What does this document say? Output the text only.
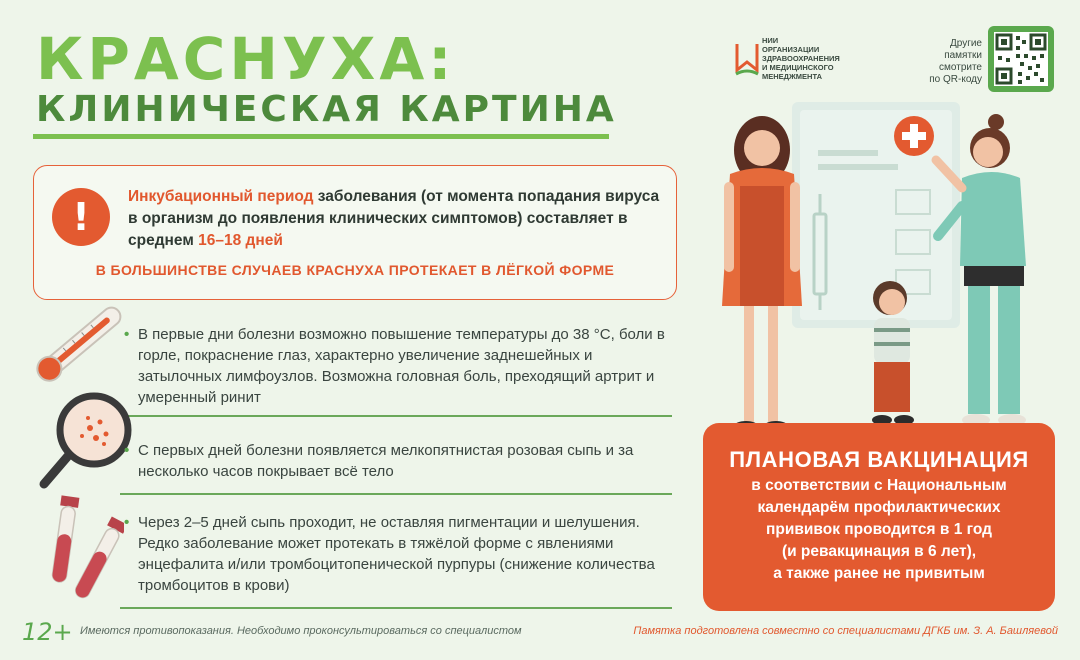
КРАСНУХА:
КЛИНИЧЕСКАЯ КАРТИНА
НИИ
ОРГАНИЗАЦИИ
ЗДРАВООХРАНЕНИЯ
И МЕДИЦИНСКОГО
МЕНЕДЖМЕНТА
Другие
памятки
смотрите
по QR-коду
!	Инкубационный период заболевания (от момента попадания вируса в организм до появления клинических симптомов) составляет в среднем 16–18 дней
В БОЛЬШИНСТВЕ СЛУЧАЕВ КРАСНУХА ПРОТЕКАЕТ В ЛЁГКОЙ ФОРМЕ
• В первые дни болезни возможно повышение температуры до 38 °С, боли в горле, покраснение глаз, характерно увеличение заднешейных и затылочных лимфоузлов. Возможна головная боль, преходящий артрит и умеренный ринит
• С первых дней болезни появляется мелкопятнистая розовая сыпь и за несколько часов покрывает всё тело
• Через 2–5 дней сыпь проходит, не оставляя пигментации и шелушения. Редко заболевание может протекать в тяжёлой форме с явлениями энцефалита и/или тромбоцитопенической пурпуры (снижение количества тромбоцитов в крови)
ПЛАНОВАЯ ВАКЦИНАЦИЯ
в соответствии с Национальным
календарём профилактических
прививок проводится в 1 год
(и ревакцинация в 6 лет),
а также ранее не привитым
12+ Имеются противопоказания. Необходимо проконсультироваться со специалистом	Памятка подготовлена совместно со специалистами ДГКБ им. З. А. Башляевой
